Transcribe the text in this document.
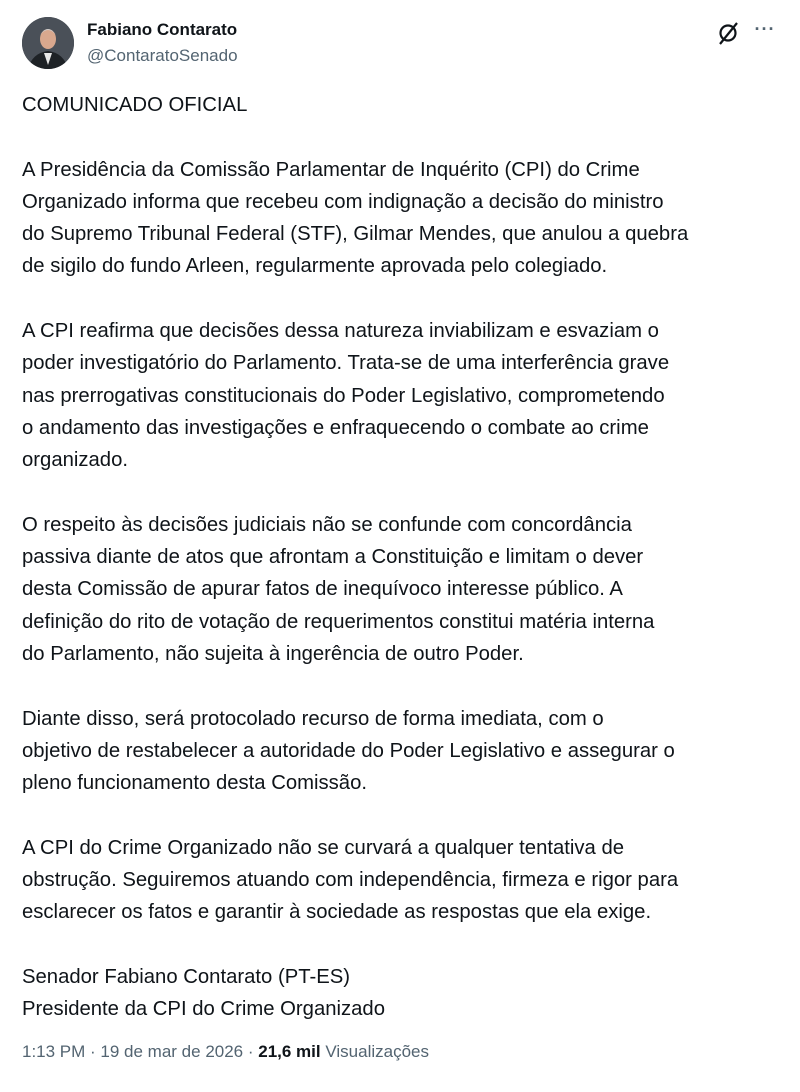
Fabiano Contarato
@ContaratoSenado
···
COMUNICADO OFICIAL
A Presidência da Comissão Parlamentar de Inquérito (CPI) do Crime
Organizado informa que recebeu com indignação a decisão do ministro
do Supremo Tribunal Federal (STF), Gilmar Mendes, que anulou a quebra
de sigilo do fundo Arleen, regularmente aprovada pelo colegiado.
A CPI reafirma que decisões dessa natureza inviabilizam e esvaziam o
poder investigatório do Parlamento. Trata-se de uma interferência grave
nas prerrogativas constitucionais do Poder Legislativo, comprometendo
o andamento das investigações e enfraquecendo o combate ao crime
organizado.
O respeito às decisões judiciais não se confunde com concordância
passiva diante de atos que afrontam a Constituição e limitam o dever
desta Comissão de apurar fatos de inequívoco interesse público. A
definição do rito de votação de requerimentos constitui matéria interna
do Parlamento, não sujeita à ingerência de outro Poder.
Diante disso, será protocolado recurso de forma imediata, com o
objetivo de restabelecer a autoridade do Poder Legislativo e assegurar o
pleno funcionamento desta Comissão.
A CPI do Crime Organizado não se curvará a qualquer tentativa de
obstrução. Seguiremos atuando com independência, firmeza e rigor para
esclarecer os fatos e garantir à sociedade as respostas que ela exige.
Senador Fabiano Contarato (PT-ES)
Presidente da CPI do Crime Organizado
1:13 PM · 19 de mar de 2026 · 21,6 mil Visualizações
